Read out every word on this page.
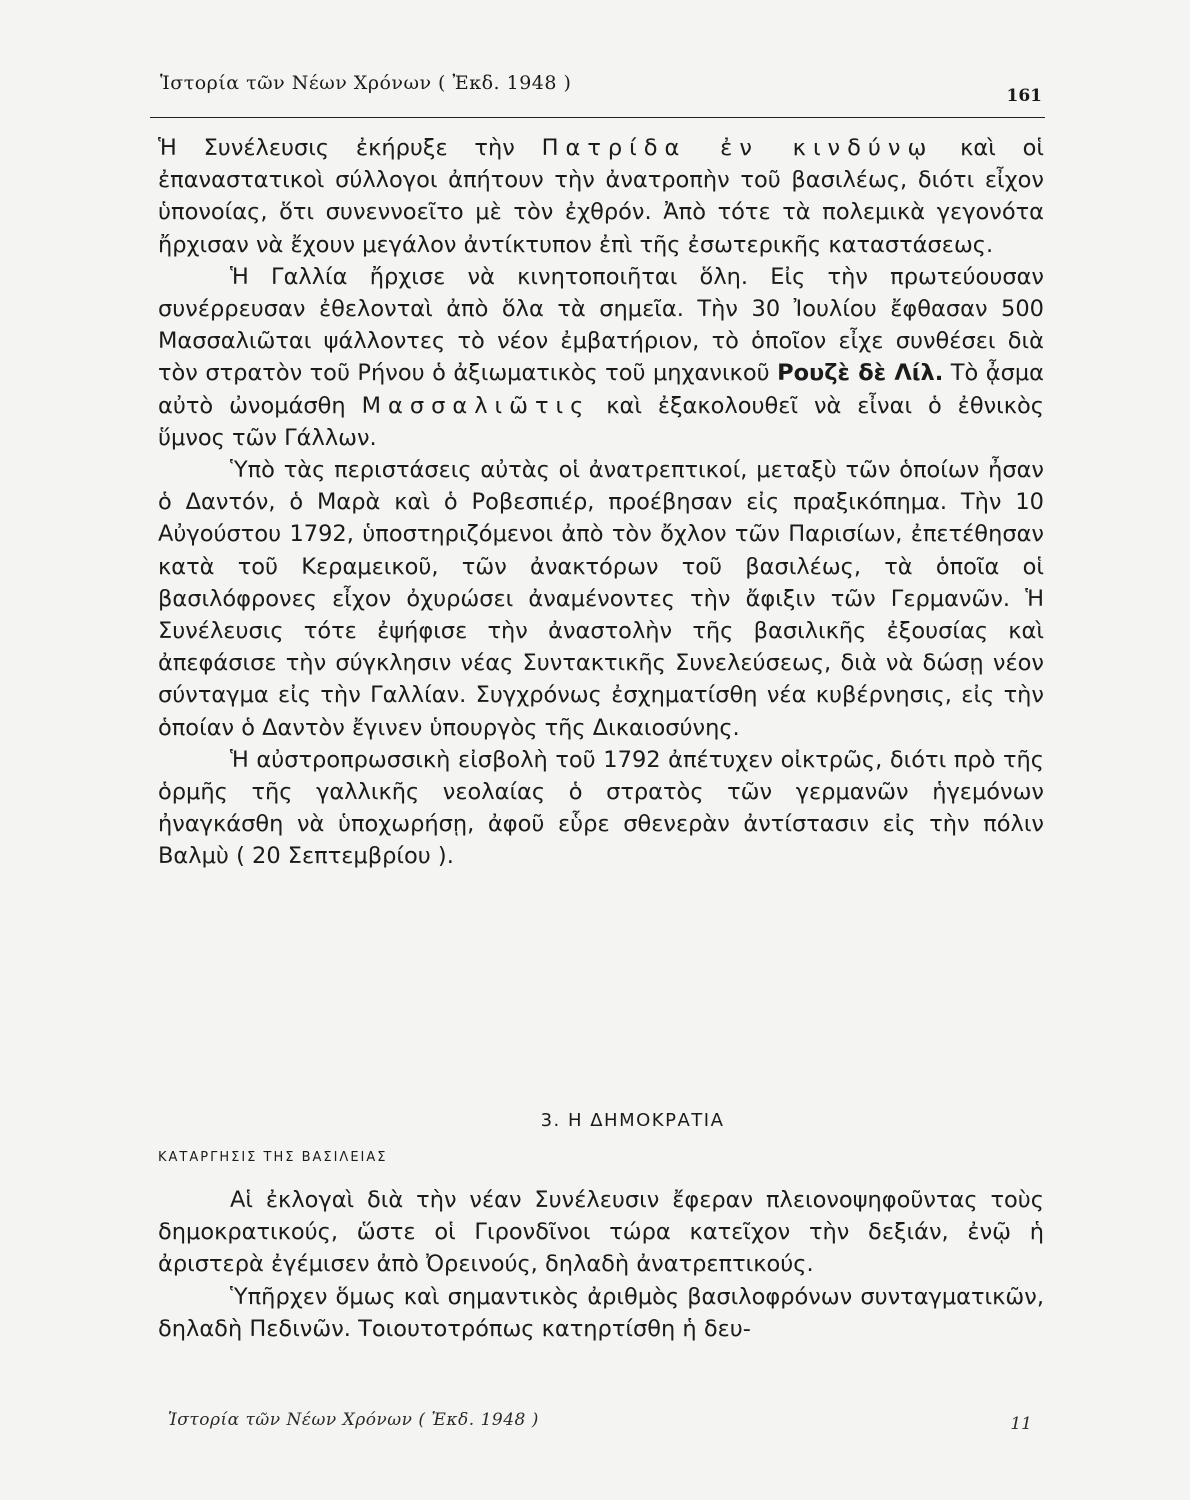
Ἱστορία τῶν Νέων Χρόνων ( Ἐκδ. 1948 )
161

Ἡ Συνέλευσις ἐκήρυξε τὴν Πατρίδα ἐν κινδύνῳ καὶ οἱ ἐπαναστατικοὶ σύλλογοι ἀπήτουν τὴν ἀνατροπὴν τοῦ βασιλέως, διότι εἶχον ὑπονοίας, ὅτι συνεννοεῖτο μὲ τὸν ἐχθρόν. Ἀπὸ τότε τὰ πολεμικὰ γεγονότα ἤρχισαν νὰ ἔχουν μεγάλον ἀντίκτυπον ἐπὶ τῆς ἐσωτερικῆς καταστάσεως.

Ἡ Γαλλία ἤρχισε νὰ κινητοποιῆται ὅλη. Εἰς τὴν πρωτεύουσαν συνέρρευσαν ἐθελονταὶ ἀπὸ ὅλα τὰ σημεῖα. Τὴν 30 Ἰουλίου ἔφθασαν 500 Μασσαλιῶται ψάλλοντες τὸ νέον ἐμβατήριον, τὸ ὁποῖον εἶχε συνθέσει διὰ τὸν στρατὸν τοῦ Ρήνου ὁ ἀξιωματικὸς τοῦ μηχανικοῦ Ρουζὲ δὲ Λίλ. Τὸ ᾆσμα αὐτὸ ὠνομάσθη Μασσαλιῶτις καὶ ἐξακολουθεῖ νὰ εἶναι ὁ ἐθνικὸς ὕμνος τῶν Γάλλων.

Ὑπὸ τὰς περιστάσεις αὐτὰς οἱ ἀνατρεπτικοί, μεταξὺ τῶν ὁποίων ἦσαν ὁ Δαντόν, ὁ Μαρὰ καὶ ὁ Ροβεσπιέρ, προέβησαν εἰς πραξικόπημα. Τὴν 10 Αὐγούστου 1792, ὑποστηριζόμενοι ἀπὸ τὸν ὄχλον τῶν Παρισίων, ἐπετέθησαν κατὰ τοῦ Κεραμεικοῦ, τῶν ἀνακτόρων τοῦ βασιλέως, τὰ ὁποῖα οἱ βασιλόφρονες εἶχον ὀχυρώσει ἀναμένοντες τὴν ἄφιξιν τῶν Γερμανῶν. Ἡ Συνέλευσις τότε ἐψήφισε τὴν ἀναστολὴν τῆς βασιλικῆς ἐξουσίας καὶ ἀπεφάσισε τὴν σύγκλησιν νέας Συντακτικῆς Συνελεύσεως, διὰ νὰ δώσῃ νέον σύνταγμα εἰς τὴν Γαλλίαν. Συγχρόνως ἐσχηματίσθη νέα κυβέρνησις, εἰς τὴν ὁποίαν ὁ Δαντὸν ἔγινεν ὑπουργὸς τῆς Δικαιοσύνης.

Ἡ αὐστροπρωσσικὴ εἰσβολὴ τοῦ 1792 ἀπέτυχεν οἰκτρῶς, διότι πρὸ τῆς ὁρμῆς τῆς γαλλικῆς νεολαίας ὁ στρατὸς τῶν γερμανῶν ἡγεμόνων ἠναγκάσθη νὰ ὑποχωρήσῃ, ἀφοῦ εὗρε σθενερὰν ἀντίστασιν εἰς τὴν πόλιν Βαλμὺ ( 20 Σεπτεμβρίου ).

3. Η ΔΗΜΟΚΡΑΤΙΑ
ΚΑΤΑΡΓΗΣΙΣ ΤΗΣ ΒΑΣΙΛΕΙΑΣ

Αἱ ἐκλογαὶ διὰ τὴν νέαν Συνέλευσιν ἔφεραν πλειονοψηφοῦντας τοὺς δημοκρατικούς, ὥστε οἱ Γιρονδῖνοι τώρα κατεῖχον τὴν δεξιάν, ἐνῷ ἡ ἀριστερὰ ἐγέμισεν ἀπὸ Ὀρεινούς, δηλαδὴ ἀνατρεπτικούς.

Ὑπῆρχεν ὅμως καὶ σημαντικὸς ἀριθμὸς βασιλοφρόνων συνταγματικῶν, δηλαδὴ Πεδινῶν. Τοιουτοτρόπως κατηρτίσθη ἡ δευ-

Ἱστορία τῶν Νέων Χρόνων ( Ἐκδ. 1948 )	11
